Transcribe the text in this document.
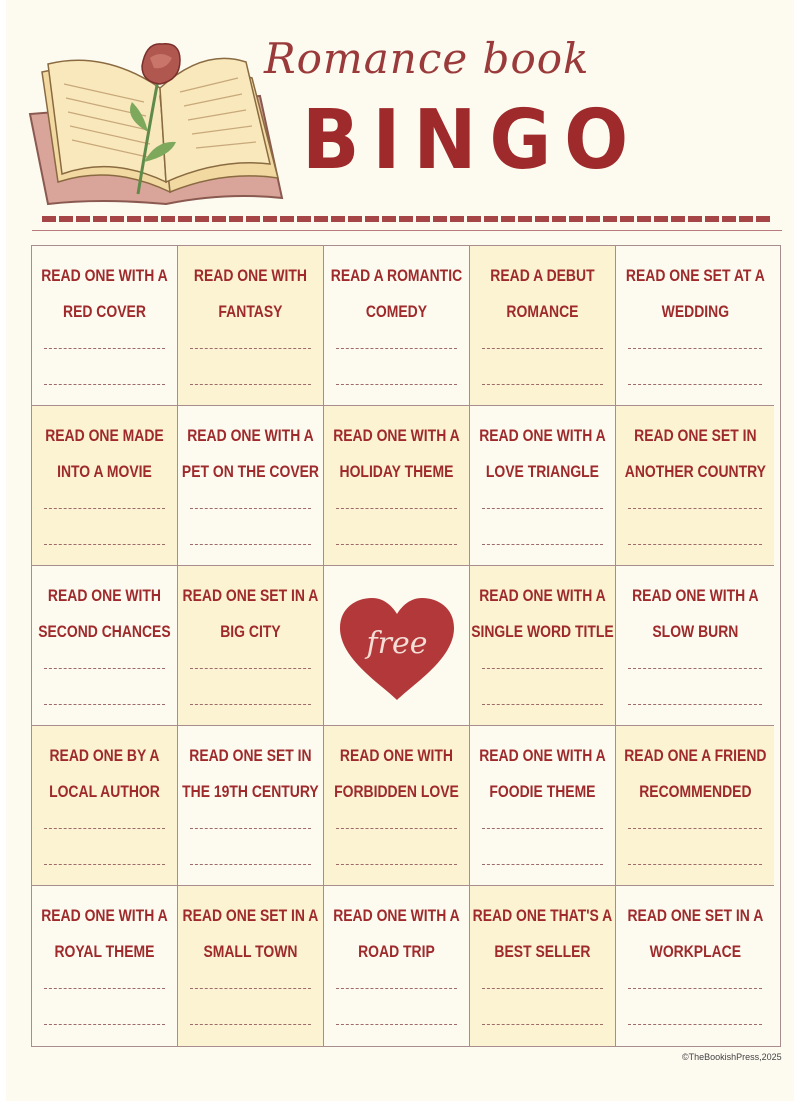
Romance book
BINGO
READ ONE WITH A RED COVER
READ ONE WITH FANTASY
READ A ROMANTIC COMEDY
READ A DEBUT ROMANCE
READ ONE SET AT A WEDDING
READ ONE MADE INTO A MOVIE
READ ONE WITH A PET ON THE COVER
READ ONE WITH A HOLIDAY THEME
READ ONE WITH A LOVE TRIANGLE
READ ONE SET IN ANOTHER COUNTRY
READ ONE WITH SECOND CHANCES
READ ONE SET IN A BIG CITY	free
READ ONE WITH A SINGLE WORD TITLE
READ ONE WITH A SLOW BURN
READ ONE BY A LOCAL AUTHOR
READ ONE SET IN THE 19TH CENTURY
READ ONE WITH FORBIDDEN LOVE
READ ONE WITH A FOODIE THEME
READ ONE A FRIEND RECOMMENDED
READ ONE WITH A ROYAL THEME
READ ONE SET IN A SMALL TOWN
READ ONE WITH A ROAD TRIP
READ ONE THAT'S A BEST SELLER
READ ONE SET IN A WORKPLACE
©TheBookishPress,2025
